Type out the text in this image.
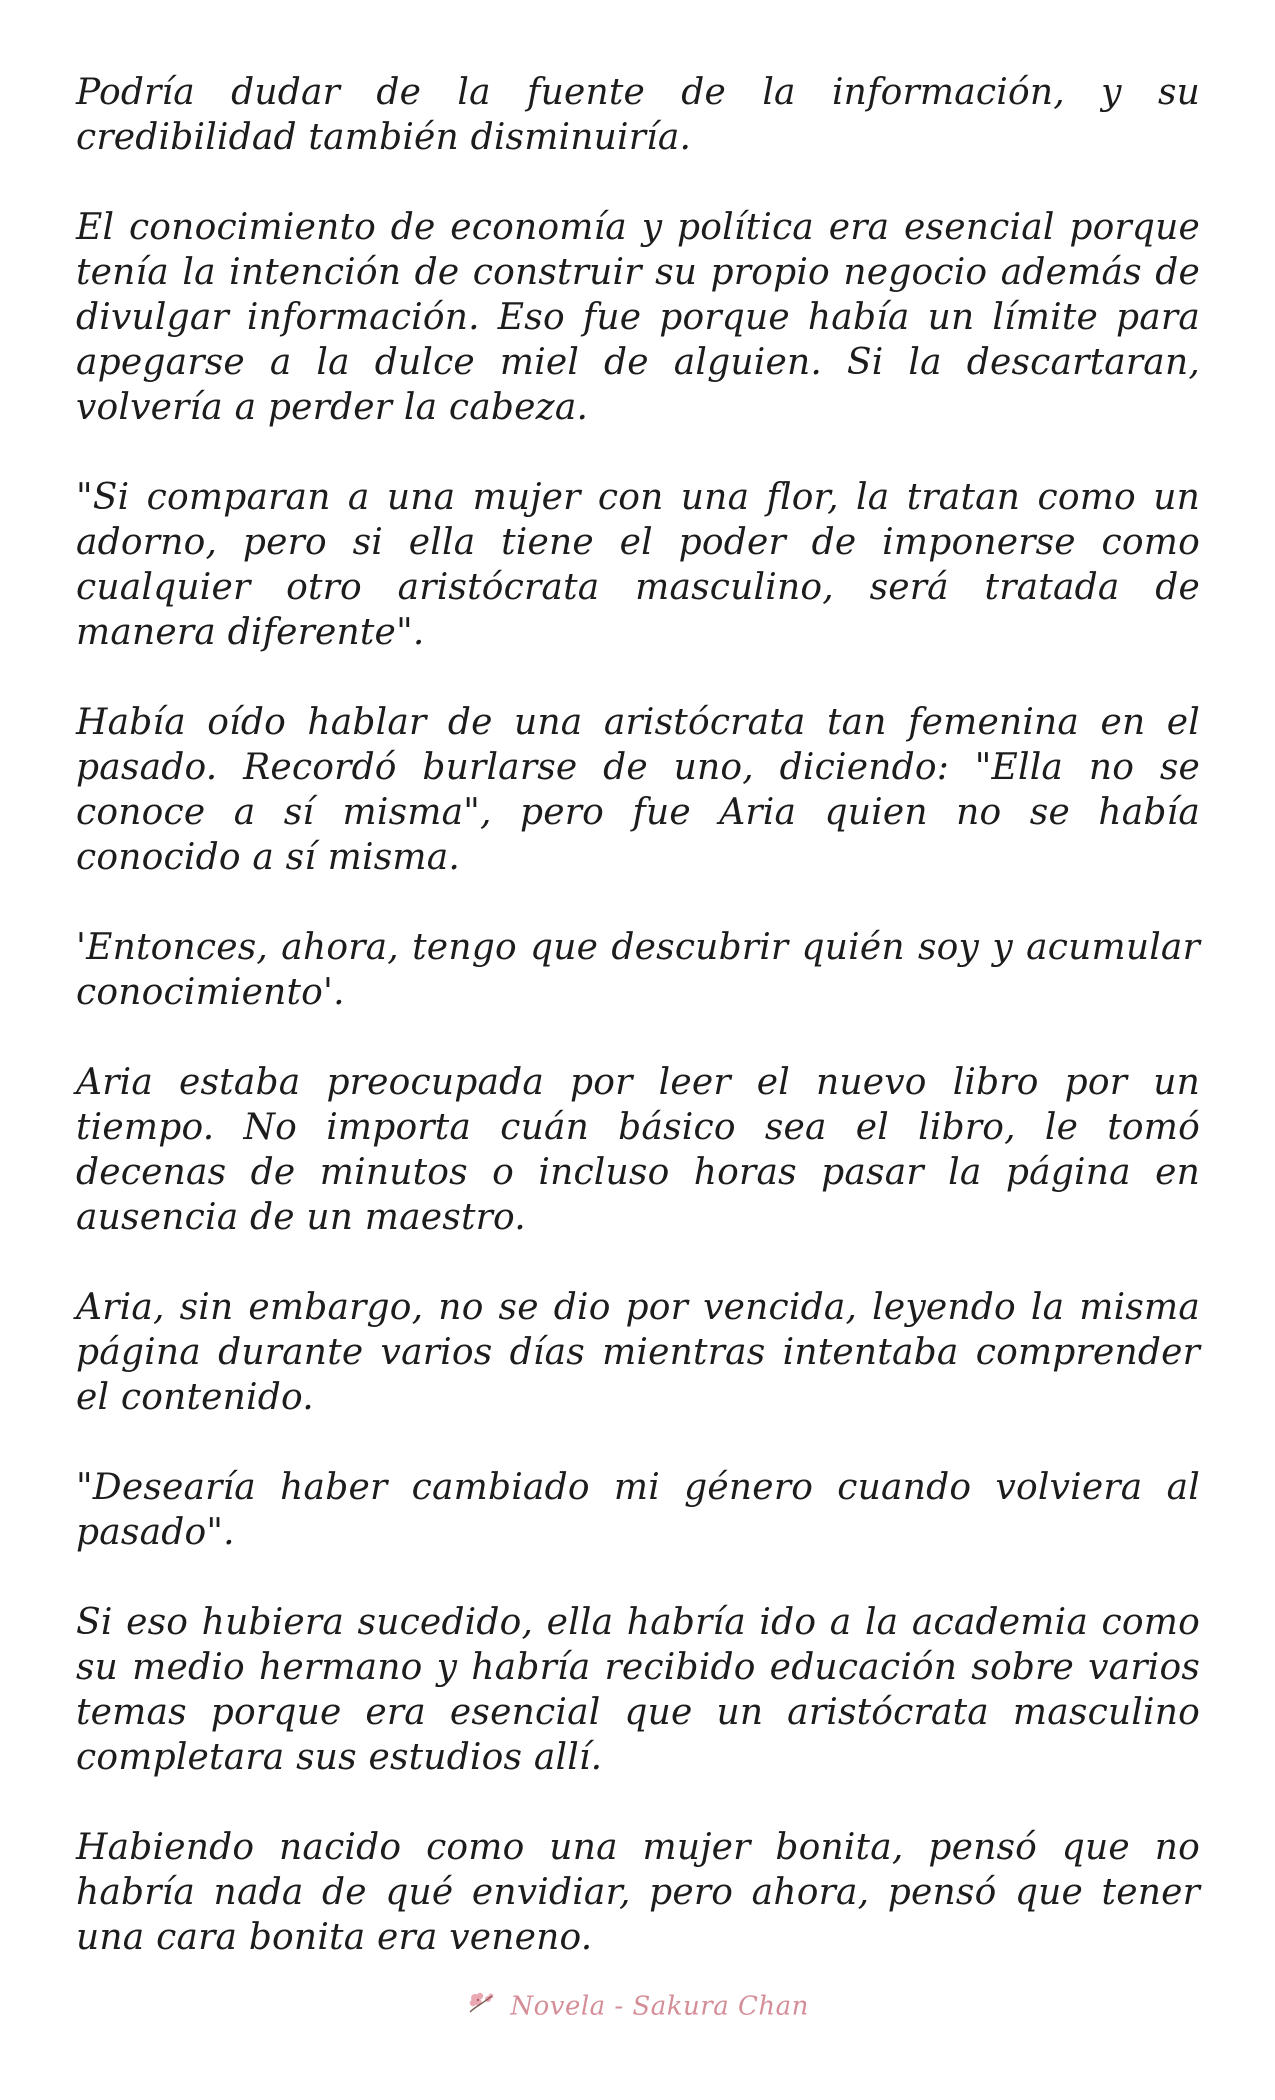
Podría dudar de la fuente de la información, y su credibilidad también disminuiría.

El conocimiento de economía y política era esencial porque tenía la intención de construir su propio negocio además de divulgar información. Eso fue porque había un límite para apegarse a la dulce miel de alguien. Si la descartaran, volvería a perder la cabeza.

"Si comparan a una mujer con una flor, la tratan como un adorno, pero si ella tiene el poder de imponerse como cualquier otro aristócrata masculino, será tratada de manera diferente".

Había oído hablar de una aristócrata tan femenina en el pasado. Recordó burlarse de uno, diciendo: "Ella no se conoce a sí misma", pero fue Aria quien no se había conocido a sí misma.

'Entonces, ahora, tengo que descubrir quién soy y acumular conocimiento'.

Aria estaba preocupada por leer el nuevo libro por un tiempo. No importa cuán básico sea el libro, le tomó decenas de minutos o incluso horas pasar la página en ausencia de un maestro.

Aria, sin embargo, no se dio por vencida, leyendo la misma página durante varios días mientras intentaba comprender el contenido.

"Desearía haber cambiado mi género cuando volviera al pasado".

Si eso hubiera sucedido, ella habría ido a la academia como su medio hermano y habría recibido educación sobre varios temas porque era esencial que un aristócrata masculino completara sus estudios allí.

Habiendo nacido como una mujer bonita, pensó que no habría nada de qué envidiar, pero ahora, pensó que tener una cara bonita era veneno.

Novela - Sakura Chan
